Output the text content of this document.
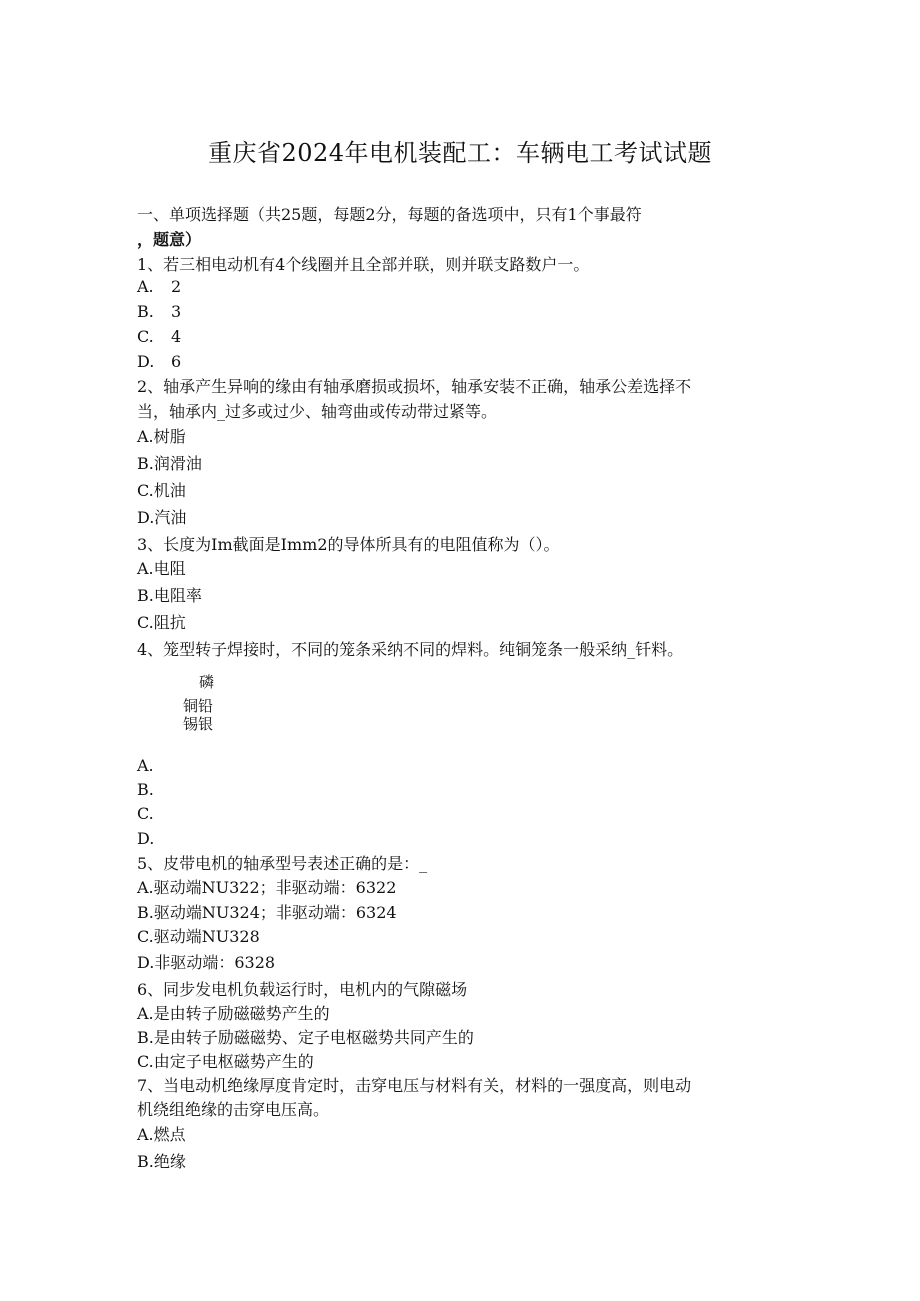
重庆省2024年电机装配工：车辆电工考试试题
一、单项选择题（共25题，每题2分，每题的备选项中，只有1个事最符
，题意）
1、若三相电动机有4个线圈并且全部并联，则并联支路数户一。
A. 2
B. 3
C. 4
D. 6
2、轴承产生异响的缘由有轴承磨损或损坏，轴承安装不正确，轴承公差选择不
当，轴承内_过多或过少、轴弯曲或传动带过紧等。
A.树脂
B.润滑油
C.机油
D.汽油
3、长度为Im截面是Imm2的导体所具有的电阻值称为（）。
A.电阻
B.电阻率
C.阻抗
4、笼型转子焊接时，不同的笼条采纳不同的焊料。纯铜笼条一般采纳_钎料。
磷
铜铅
锡银
A.
B.
C.
D.
5、皮带电机的轴承型号表述正确的是：_
A.驱动端NU322；非驱动端：6322
B.驱动端NU324；非驱动端：6324
C.驱动端NU328
D.非驱动端：6328
6、同步发电机负载运行时，电机内的气隙磁场
A.是由转子励磁磁势产生的
B.是由转子励磁磁势、定子电枢磁势共同产生的
C.由定子电枢磁势产生的
7、当电动机绝缘厚度肯定时，击穿电压与材料有关，材料的一强度高，则电动
机绕组绝缘的击穿电压高。
A.燃点
B.绝缘
